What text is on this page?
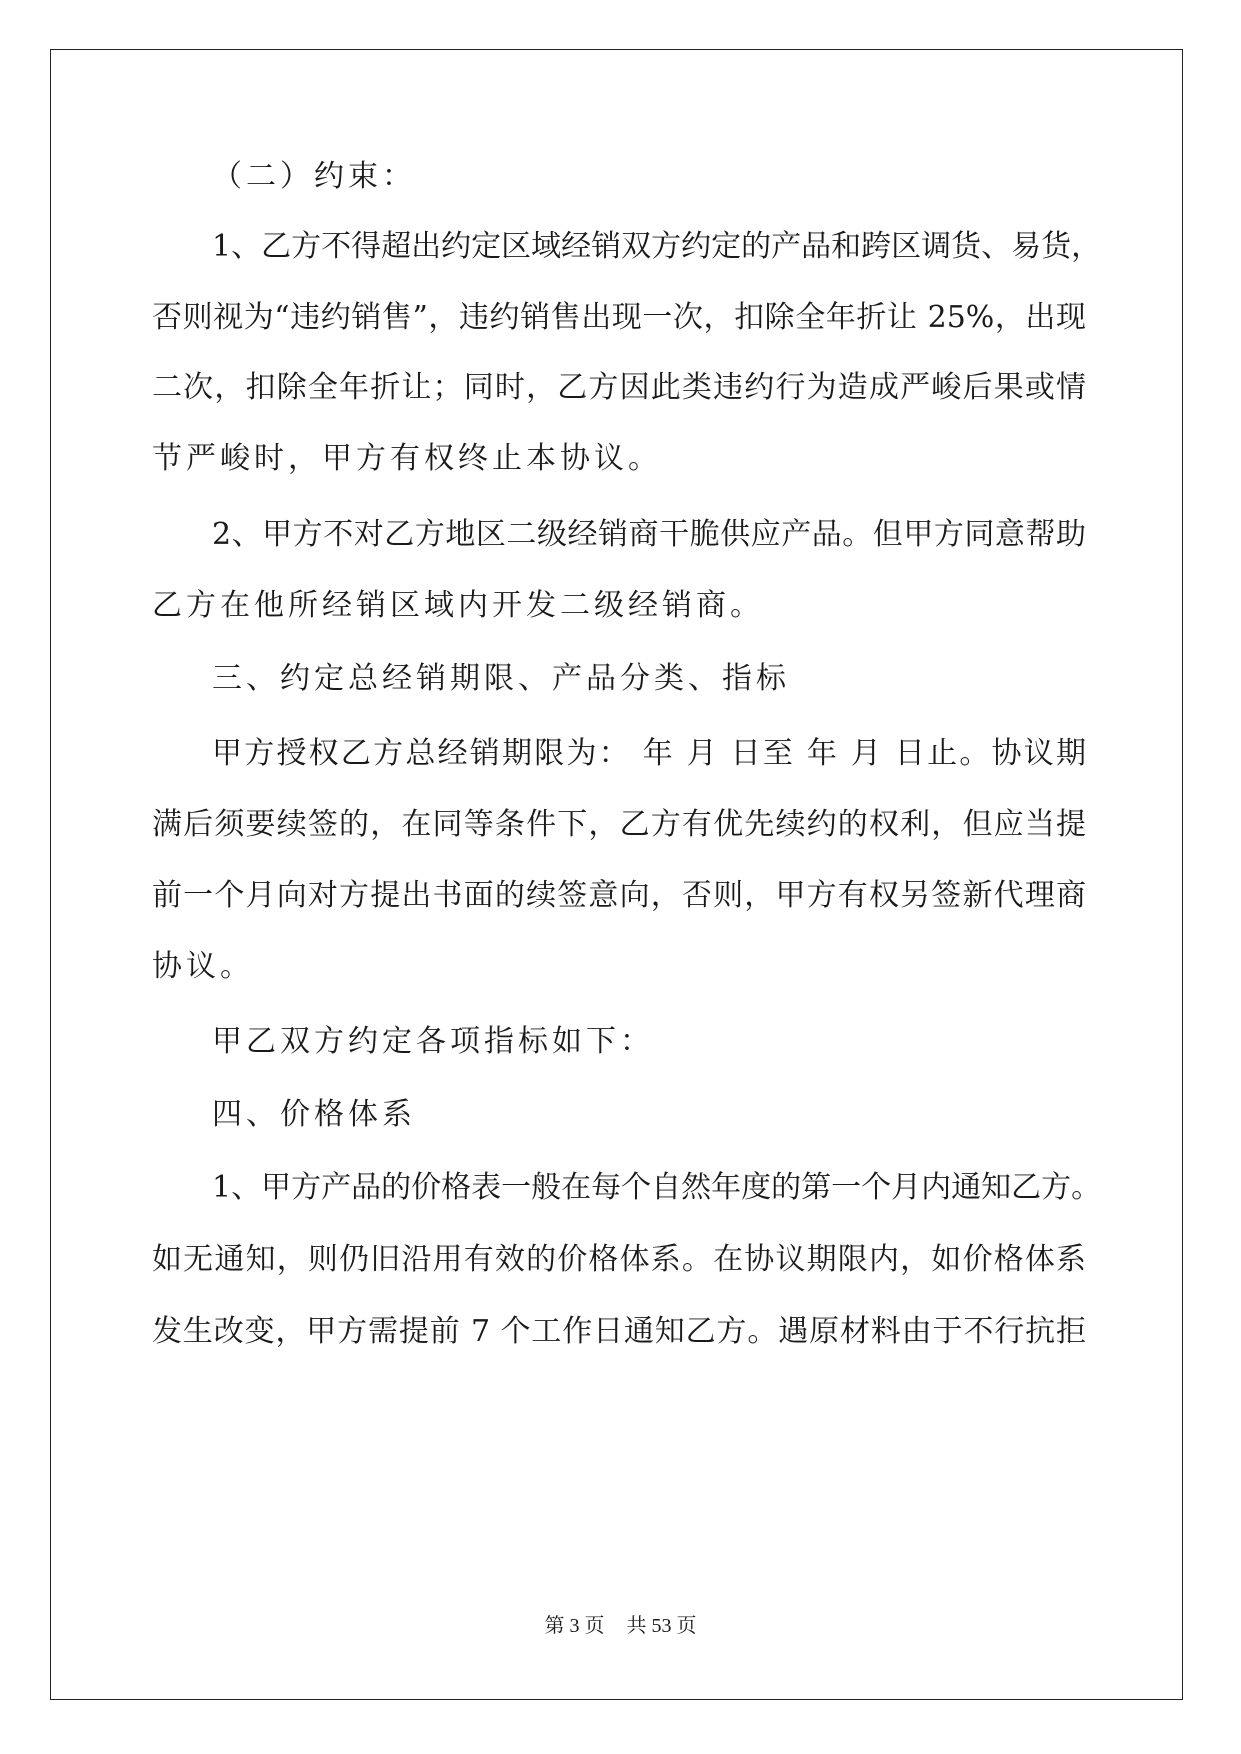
（二）约束：
1、乙方不得超出约定区域经销双方约定的产品和跨区调货、易货，
否则视为“违约销售”，违约销售出现一次，扣除全年折让 25%，出现
二次，扣除全年折让；同时，乙方因此类违约行为造成严峻后果或情
节严峻时，甲方有权终止本协议。
2、甲方不对乙方地区二级经销商干脆供应产品。但甲方同意帮助
乙方在他所经销区域内开发二级经销商。
三、约定总经销期限、产品分类、指标
甲方授权乙方总经销期限为： 年 月 日至 年 月 日止。协议期
满后须要续签的，在同等条件下，乙方有优先续约的权利，但应当提
前一个月向对方提出书面的续签意向，否则，甲方有权另签新代理商
协议。
甲乙双方约定各项指标如下：
四、价格体系
1、甲方产品的价格表一般在每个自然年度的第一个月内通知乙方。
如无通知，则仍旧沿用有效的价格体系。在协议期限内，如价格体系
发生改变，甲方需提前 7 个工作日通知乙方。遇原材料由于不行抗拒
第 3 页 共 53 页
